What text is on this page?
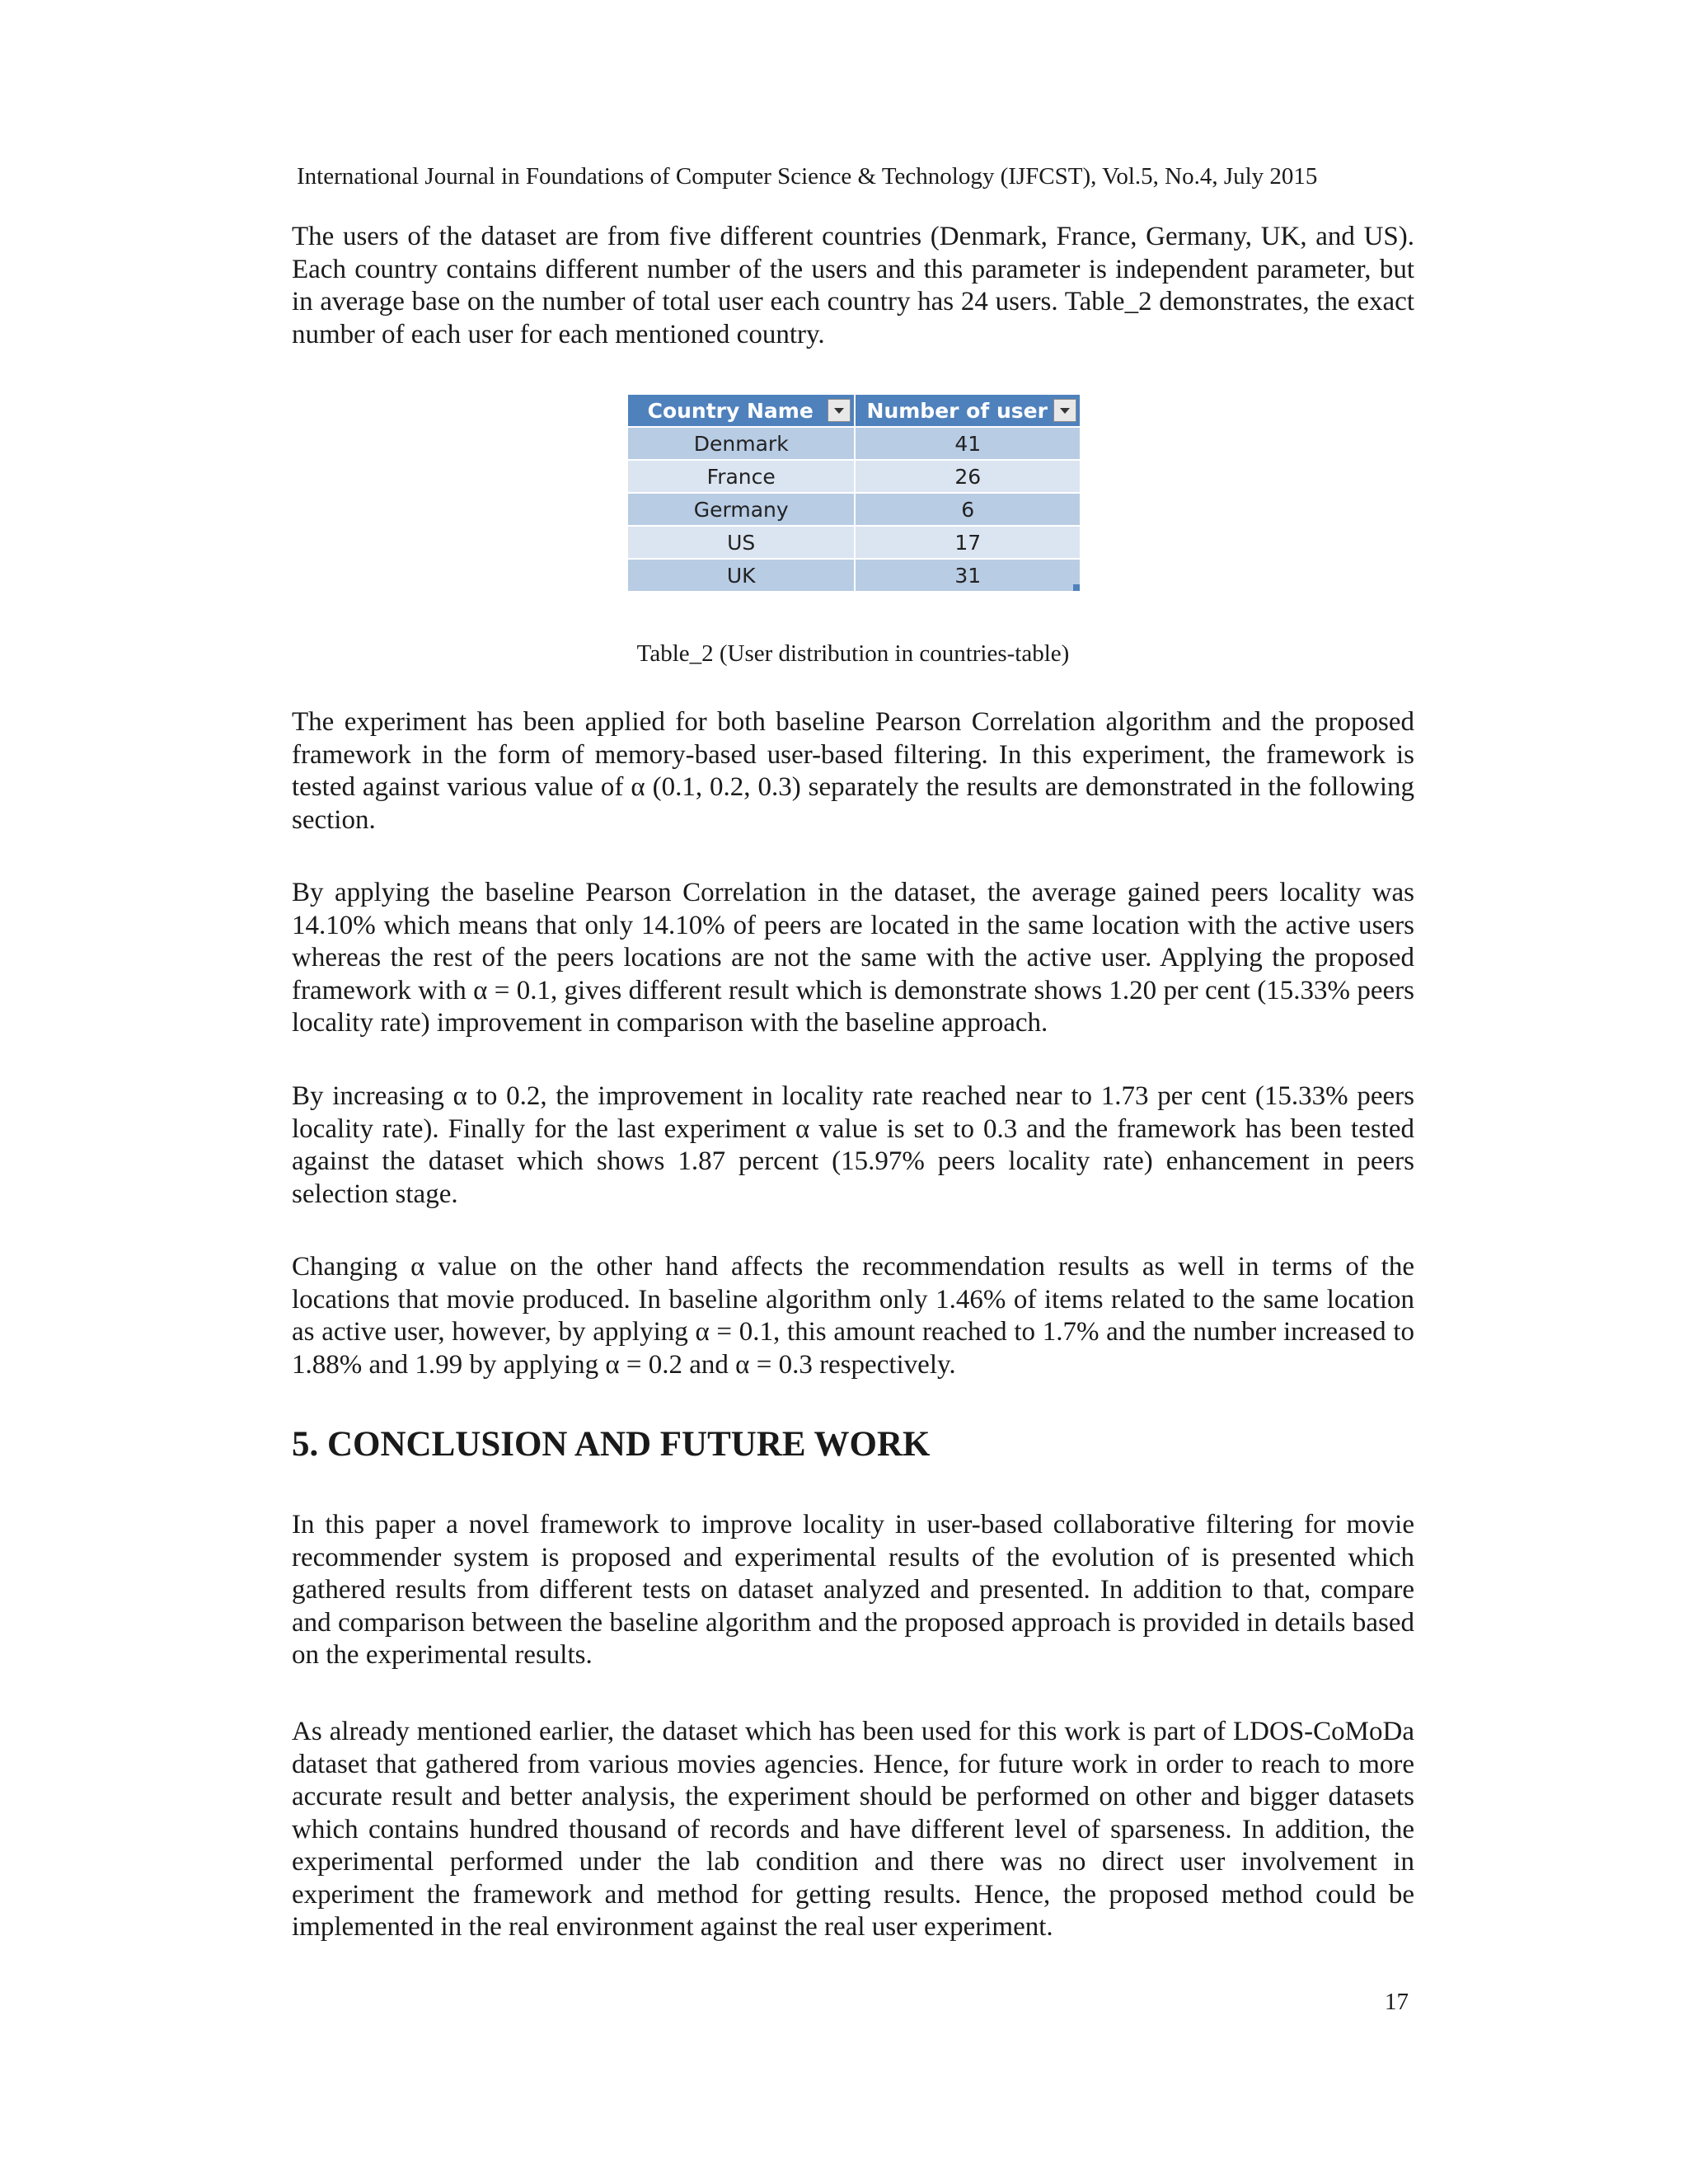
International Journal in Foundations of Computer Science & Technology (IJFCST), Vol.5, No.4, July 2015

The users of the dataset are from five different countries (Denmark, France, Germany, UK, and US). Each country contains different number of the users and this parameter is independent parameter, but in average base on the number of total user each country has 24 users. Table_2 demonstrates, the exact number of each user for each mentioned country.

Country Name	Number of user

Denmark	41
France	26
Germany	6
US	17
UK	31
Table_2 (User distribution in countries-table)

The experiment has been applied for both baseline Pearson Correlation algorithm and the proposed framework in the form of memory-based user-based filtering. In this experiment, the framework is tested against various value of α (0.1, 0.2, 0.3) separately the results are demonstrated in the following section.

By applying the baseline Pearson Correlation in the dataset, the average gained peers locality was 14.10% which means that only 14.10% of peers are located in the same location with the active users whereas the rest of the peers locations are not the same with the active user. Applying the proposed framework with α = 0.1, gives different result which is demonstrate shows 1.20 per cent (15.33% peers locality rate) improvement in comparison with the baseline approach.

By increasing α to 0.2, the improvement in locality rate reached near to 1.73 per cent (15.33% peers locality rate). Finally for the last experiment α value is set to 0.3 and the framework has been tested against the dataset which shows 1.87 percent (15.97% peers locality rate) enhancement in peers selection stage.

Changing α value on the other hand affects the recommendation results as well in terms of the locations that movie produced. In baseline algorithm only 1.46% of items related to the same location as active user, however, by applying α = 0.1, this amount reached to 1.7% and the number increased to 1.88% and 1.99 by applying α = 0.2 and α = 0.3 respectively.

5. CONCLUSION AND FUTURE WORK

In this paper a novel framework to improve locality in user-based collaborative filtering for movie recommender system is proposed and experimental results of the evolution of is presented which gathered results from different tests on dataset analyzed and presented. In addition to that, compare and comparison between the baseline algorithm and the proposed approach is provided in details based on the experimental results.

As already mentioned earlier, the dataset which has been used for this work is part of LDOS-CoMoDa dataset that gathered from various movies agencies. Hence, for future work in order to reach to more accurate result and better analysis, the experiment should be performed on other and bigger datasets which contains hundred thousand of records and have different level of sparseness. In addition, the experimental performed under the lab condition and there was no direct user involvement in experiment the framework and method for getting results. Hence, the proposed method could be implemented in the real environment against the real user experiment.

17
